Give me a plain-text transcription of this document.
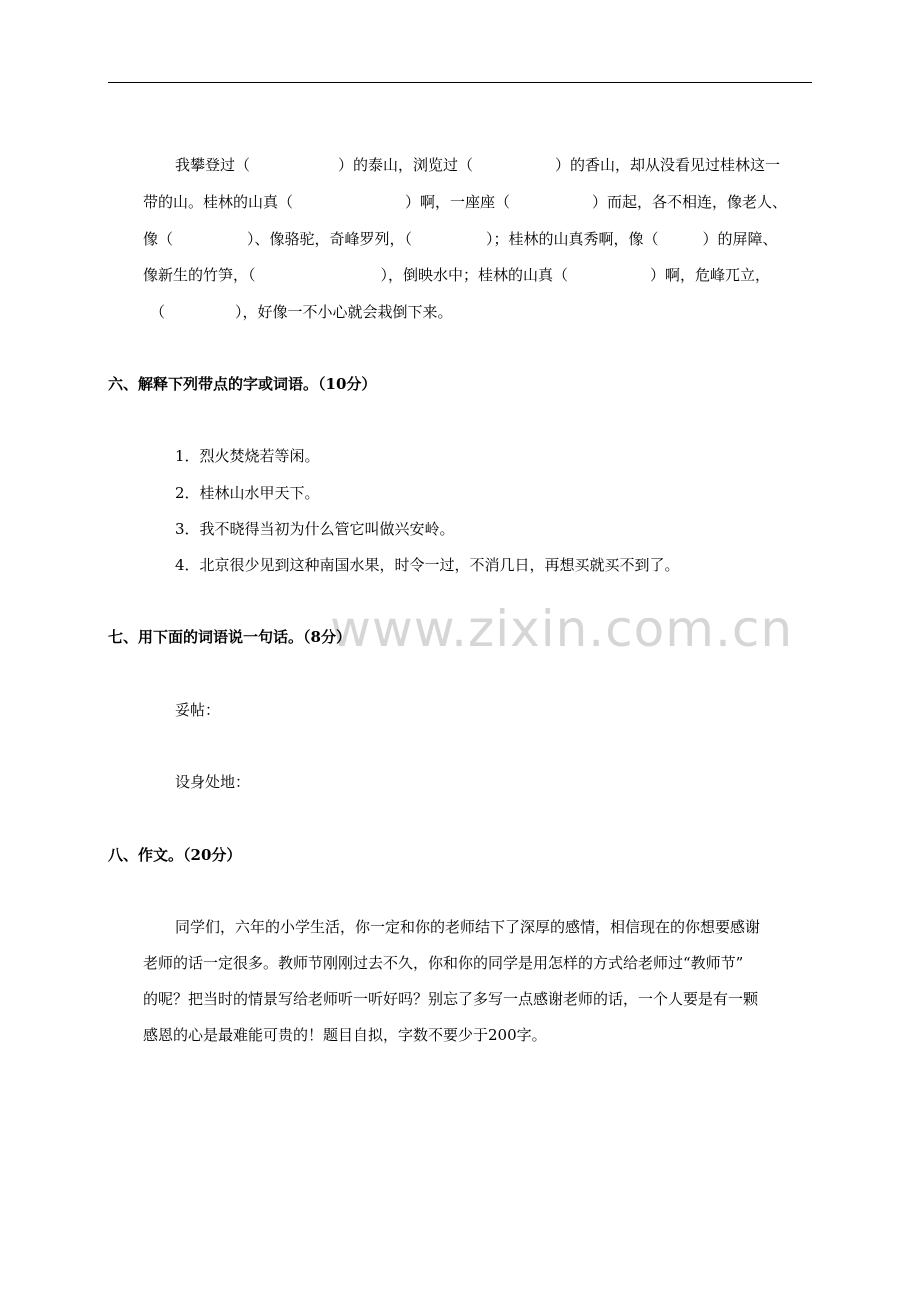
我攀登过（	）的泰山，浏览过（	）的香山，却从没看见过桂林这一
带的山。桂林的山真（	）啊，一座座（	）而起，各不相连，像老人、
像（	）、像骆驼，奇峰罗列，（	）；桂林的山真秀啊，像（	）的屏障、
像新生的竹笋，（	），倒映水中；桂林的山真（	）啊，危峰兀立，
（	），好像一不小心就会栽倒下来。
六、解释下列带点的字或词语。（10分）
1．烈火焚烧若等闲。
2．桂林山水甲天下。
3．我不晓得当初为什么管它叫做兴安岭。
4．北京很少见到这种南国水果，时令一过，不消几日，再想买就买不到了。
www.zixin.com.cn
七、用下面的词语说一句话。（8分）
妥帖：
设身处地：
八、作文。（20分）
同学们，六年的小学生活，你一定和你的老师结下了深厚的感情，相信现在的你想要感谢
老师的话一定很多。教师节刚刚过去不久，你和你的同学是用怎样的方式给老师过“教师节”
的呢？把当时的情景写给老师听一听好吗？别忘了多写一点感谢老师的话，一个人要是有一颗
感恩的心是最难能可贵的！题目自拟，字数不要少于200字。
